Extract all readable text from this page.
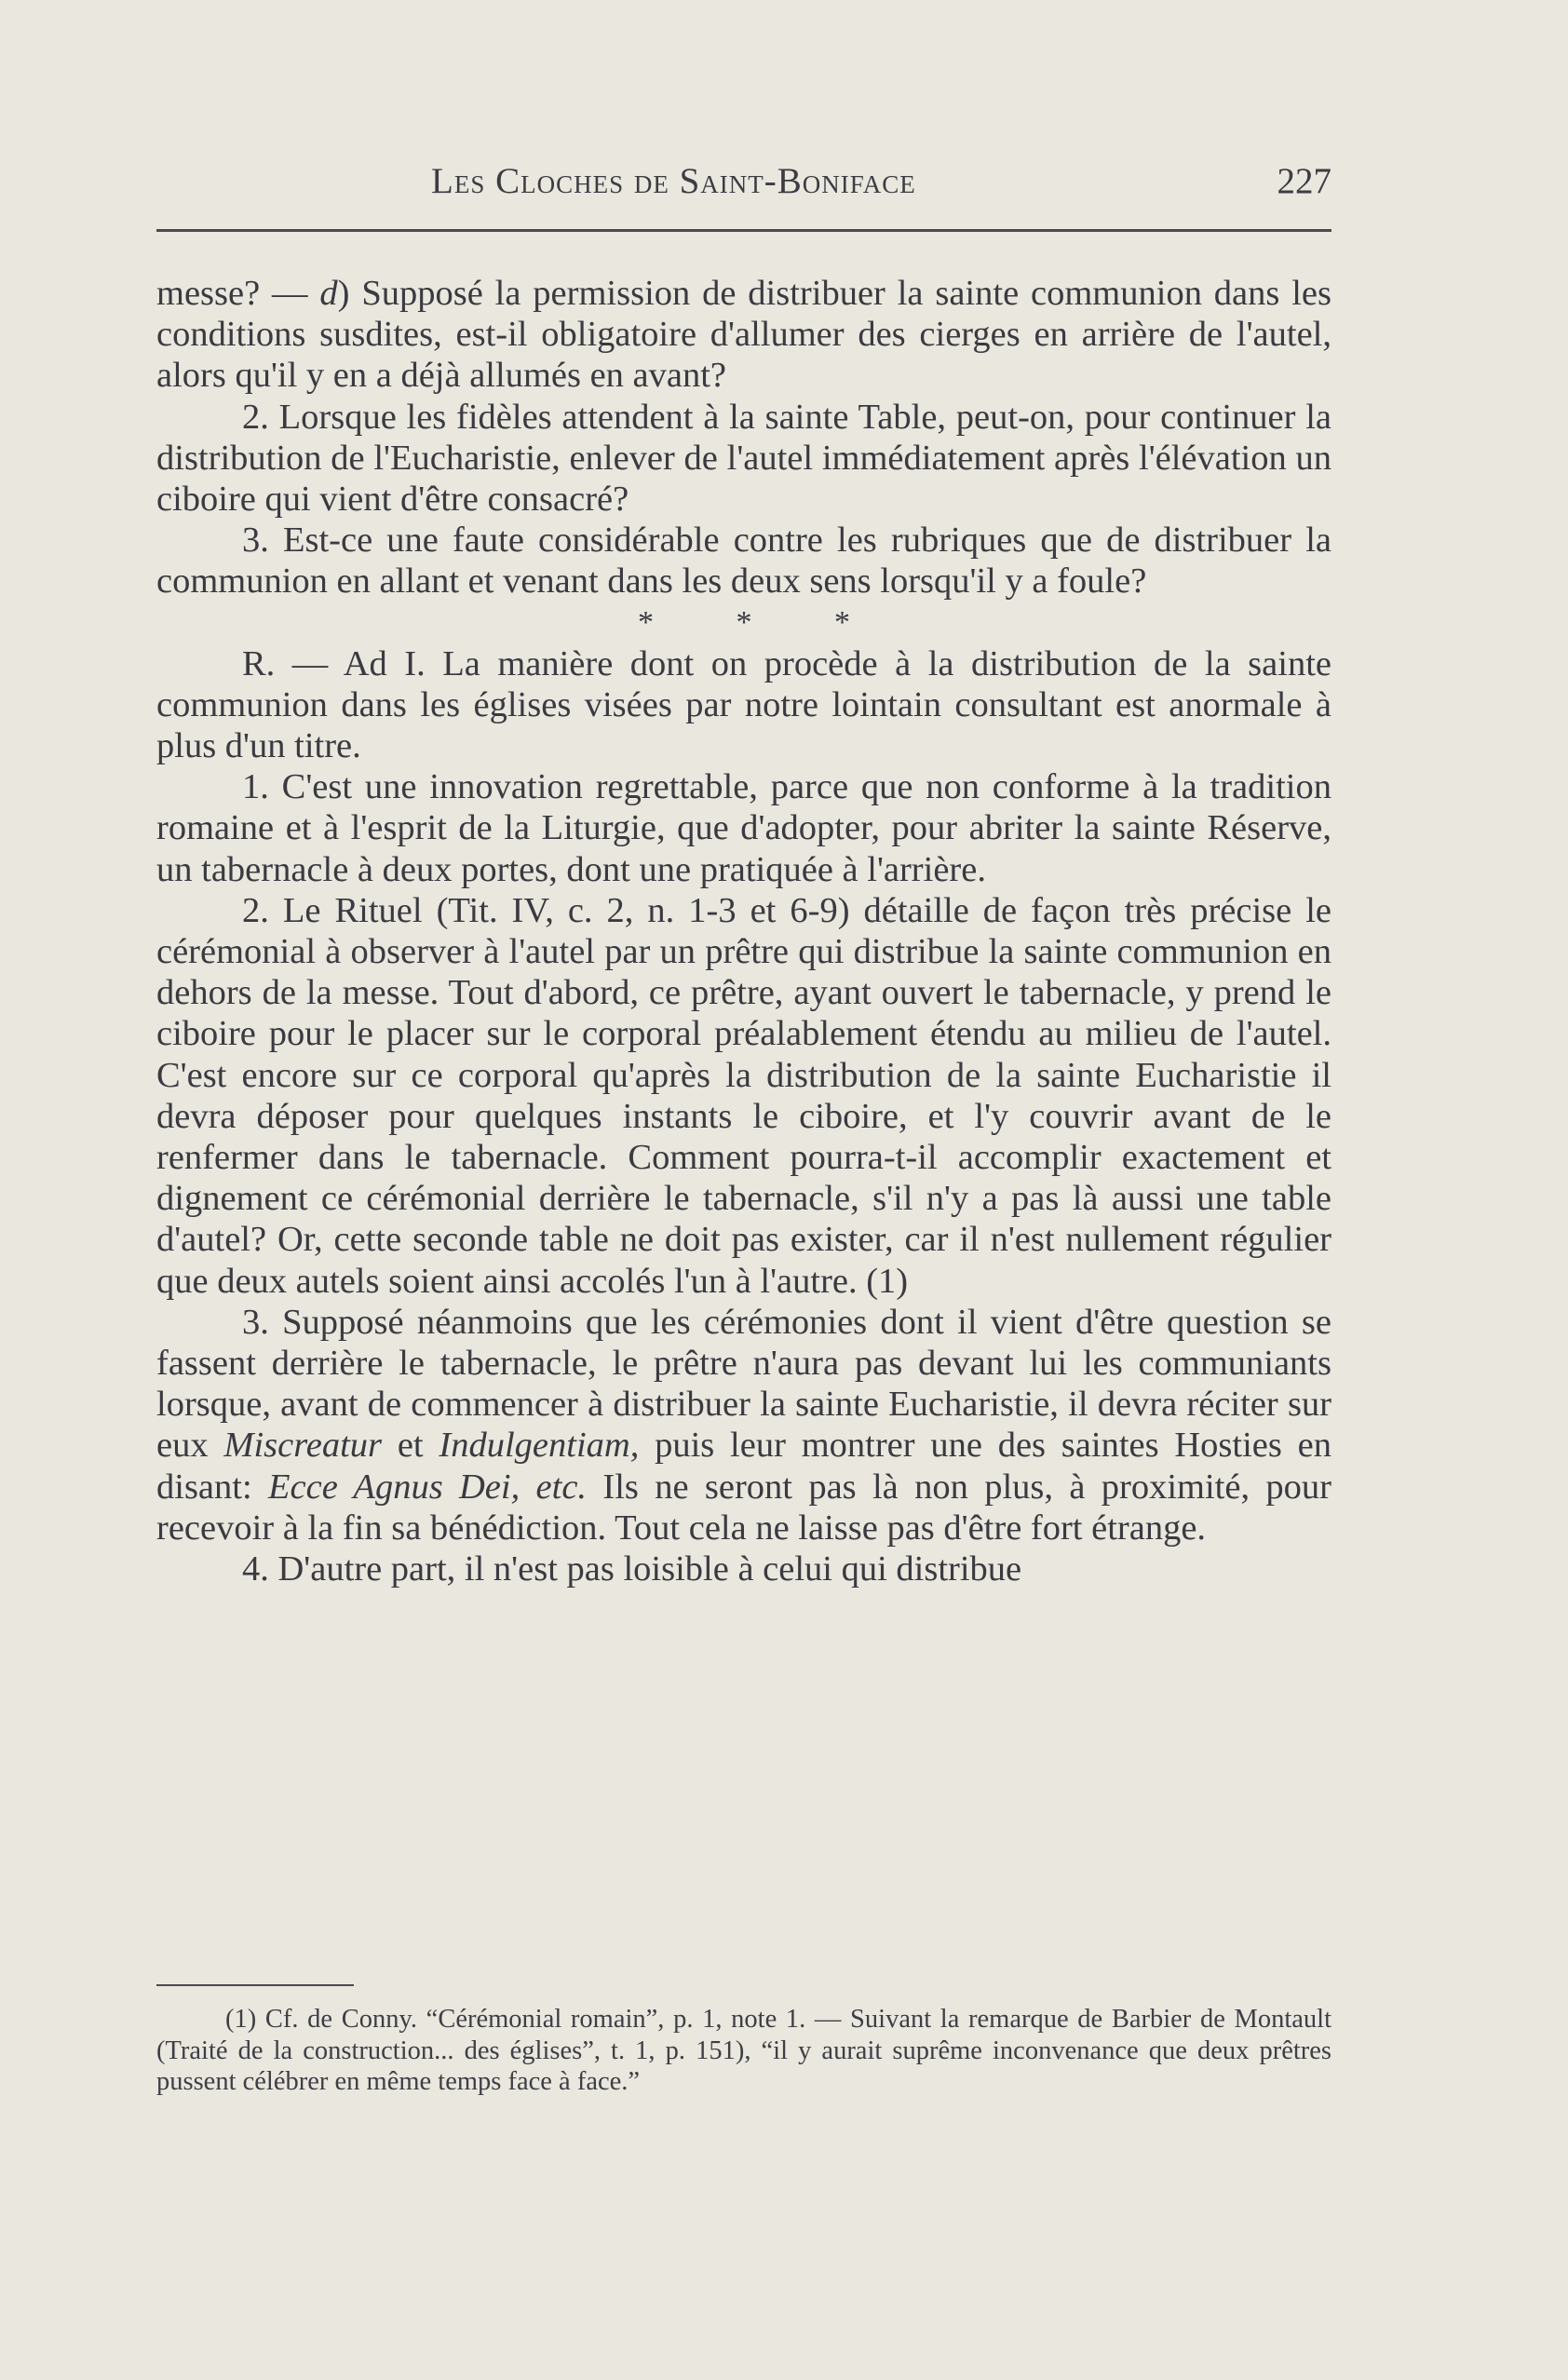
Les Cloches de Saint-Boniface	227

messe? — d) Supposé la permission de distribuer la sainte communion dans les conditions susdites, est-il obligatoire d'allumer des cierges en arrière de l'autel, alors qu'il y en a déjà allumés en avant?

2. Lorsque les fidèles attendent à la sainte Table, peut-on, pour continuer la distribution de l'Eucharistie, enlever de l'autel immédiatement après l'élévation un ciboire qui vient d'être consacré?

3. Est-ce une faute considérable contre les rubriques que de distribuer la communion en allant et venant dans les deux sens lorsqu'il y a foule?

* * *

R. — Ad I. La manière dont on procède à la distribution de la sainte communion dans les églises visées par notre lointain consultant est anormale à plus d'un titre.

1. C'est une innovation regrettable, parce que non conforme à la tradition romaine et à l'esprit de la Liturgie, que d'adopter, pour abriter la sainte Réserve, un tabernacle à deux portes, dont une pratiquée à l'arrière.

2. Le Rituel (Tit. IV, c. 2, n. 1-3 et 6-9) détaille de façon très précise le cérémonial à observer à l'autel par un prêtre qui distribue la sainte communion en dehors de la messe. Tout d'abord, ce prêtre, ayant ouvert le tabernacle, y prend le ciboire pour le placer sur le corporal préalablement étendu au milieu de l'autel. C'est encore sur ce corporal qu'après la distribution de la sainte Eucharistie il devra déposer pour quelques instants le ciboire, et l'y couvrir avant de le renfermer dans le tabernacle. Comment pourra-t-il accomplir exactement et dignement ce cérémonial derrière le tabernacle, s'il n'y a pas là aussi une table d'autel? Or, cette seconde table ne doit pas exister, car il n'est nullement régulier que deux autels soient ainsi accolés l'un à l'autre. (1)

3. Supposé néanmoins que les cérémonies dont il vient d'être question se fassent derrière le tabernacle, le prêtre n'aura pas devant lui les communiants lorsque, avant de commencer à distribuer la sainte Eucharistie, il devra réciter sur eux Miscreatur et Indulgentiam, puis leur montrer une des saintes Hosties en disant: Ecce Agnus Dei, etc. Ils ne seront pas là non plus, à proximité, pour recevoir à la fin sa bénédiction. Tout cela ne laisse pas d'être fort étrange.

4. D'autre part, il n'est pas loisible à celui qui distribue

(1) Cf. de Conny. “Cérémonial romain”, p. 1, note 1. — Suivant la remarque de Barbier de Montault (Traité de la construction... des églises”, t. 1, p. 151), “il y aurait suprême inconvenance que deux prêtres pussent célébrer en même temps face à face.”
